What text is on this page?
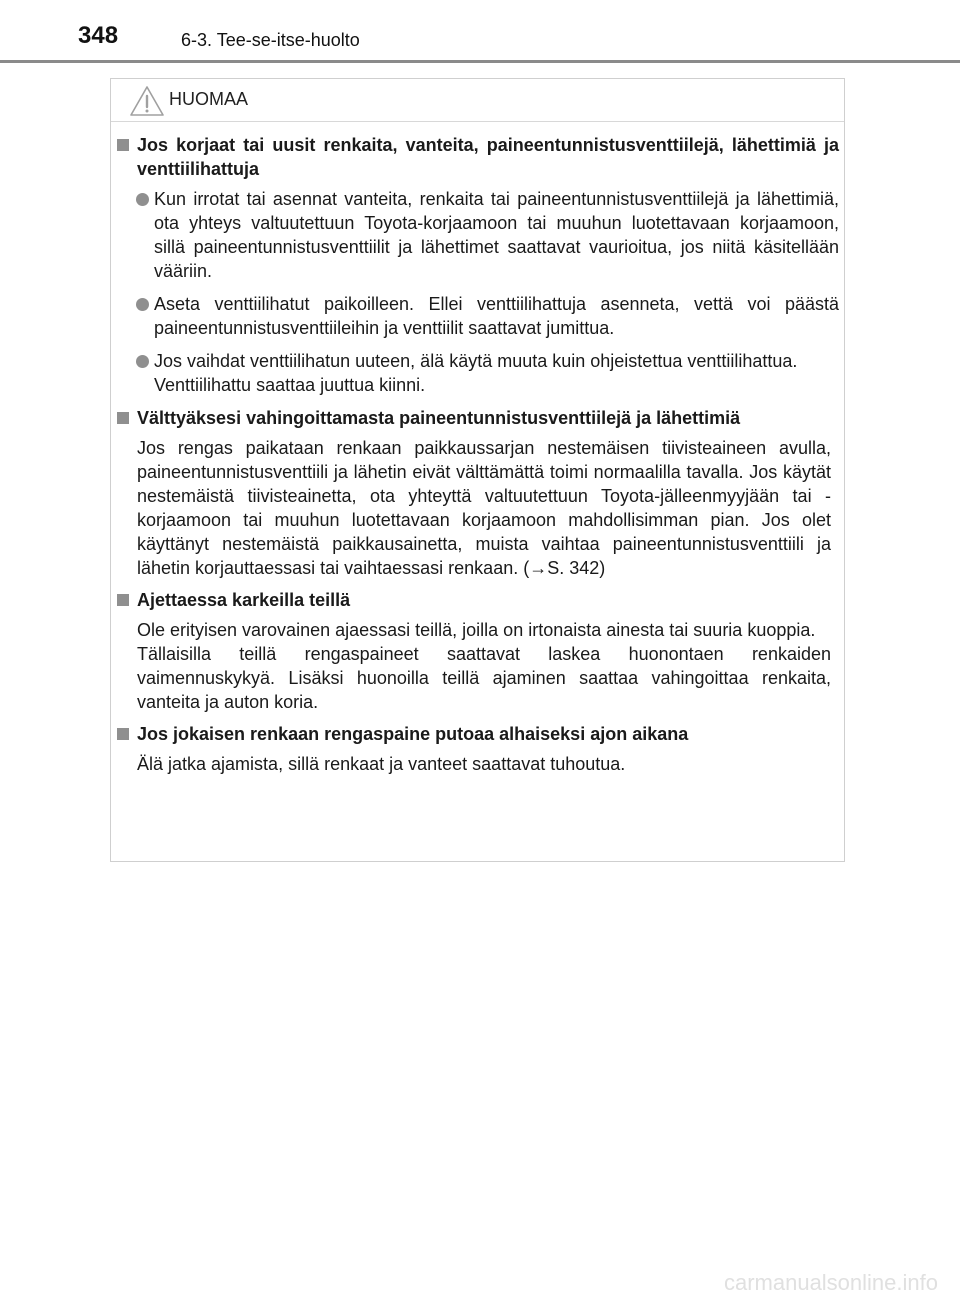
348	6-3. Tee-se-itse-huolto
HUOMAA
Jos korjaat tai uusit renkaita, vanteita, paineentunnistusventtiilejä, lähettimiä ja venttiilihattuja
Kun irrotat tai asennat vanteita, renkaita tai paineentunnistusventtiilejä ja lähettimiä, ota yhteys valtuutettuun Toyota-korjaamoon tai muuhun luotettavaan korjaamoon, sillä paineentunnistusventtiilit ja lähettimet saattavat vaurioitua, jos niitä käsitellään vääriin.
Aseta venttiilihatut paikoilleen. Ellei venttiilihattuja asenneta, vettä voi päästä paineentunnistusventtiileihin ja venttiilit saattavat jumittua.
Jos vaihdat venttiilihatun uuteen, älä käytä muuta kuin ohjeistettua venttiilihattua.
Venttiilihattu saattaa juuttua kiinni.
Välttyäksesi vahingoittamasta paineentunnistusventtiilejä ja lähettimiä
Jos rengas paikataan renkaan paikkaussarjan nestemäisen tiivisteaineen avulla, paineentunnistusventtiili ja lähetin eivät välttämättä toimi normaalilla tavalla. Jos käytät nestemäistä tiivisteainetta, ota yhteyttä valtuutettuun Toyota-jälleenmyyjään tai -korjaamoon tai muuhun luotettavaan korjaamoon mahdollisimman pian. Jos olet käyttänyt nestemäistä paikkausainetta, muista vaihtaa paineentunnistusventtiili ja lähetin korjauttaessasi tai vaihtaessasi renkaan. (→S. 342)
Ajettaessa karkeilla teillä
Ole erityisen varovainen ajaessasi teillä, joilla on irtonaista ainesta tai suuria kuoppia.
Tällaisilla teillä rengaspaineet saattavat laskea huonontaen renkaiden vaimennuskykyä. Lisäksi huonoilla teillä ajaminen saattaa vahingoittaa renkaita, vanteita ja auton koria.
Jos jokaisen renkaan rengaspaine putoaa alhaiseksi ajon aikana
Älä jatka ajamista, sillä renkaat ja vanteet saattavat tuhoutua.
carmanualsonline.info
